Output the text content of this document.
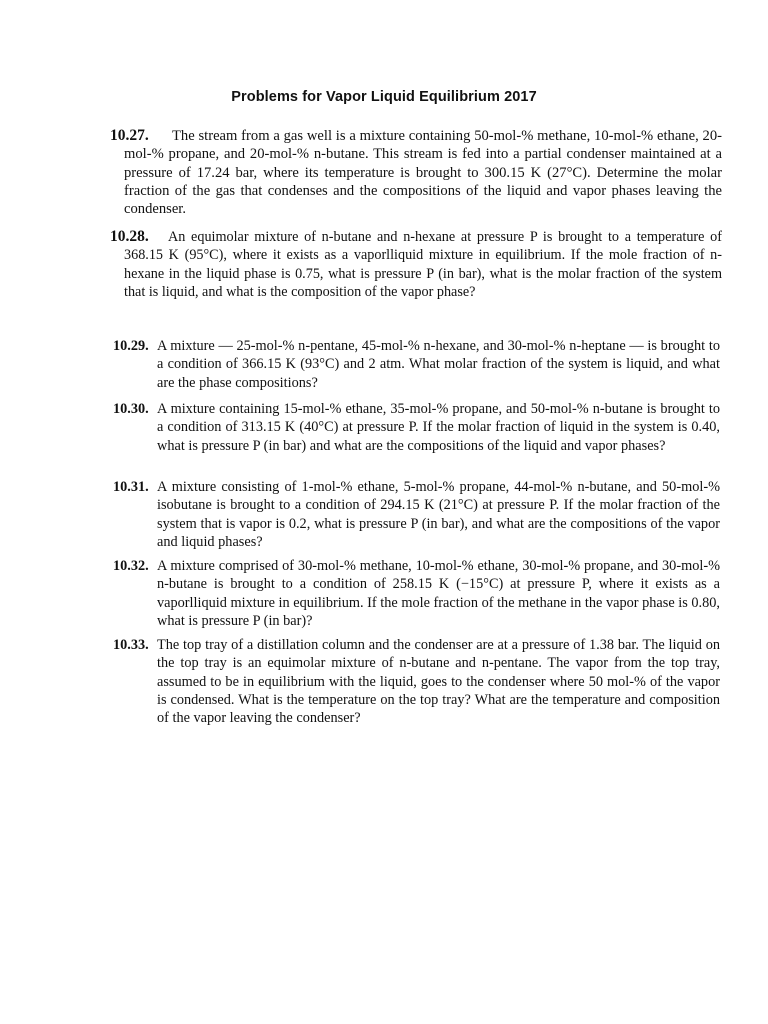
Problems for Vapor Liquid Equilibrium 2017
10.27.	The stream from a gas well is a mixture containing 50-mol-% methane, 10-mol-% ethane, 20-mol-% propane, and 20-mol-% n-butane. This stream is fed into a partial condenser maintained at a pressure of 17.24 bar, where its temperature is brought to 300.15 K (27°C). Determine the molar fraction of the gas that condenses and the compositions of the liquid and vapor phases leaving the condenser.
10.28.	An equimolar mixture of n-butane and n-hexane at pressure P is brought to a temperature of 368.15 K (95°C), where it exists as a vaporlliquid mixture in equilibrium. If the mole fraction of n-hexane in the liquid phase is 0.75, what is pressure P (in bar), what is the molar fraction of the system that is liquid, and what is the composition of the vapor phase?
10.29. A mixture — 25-mol-% n-pentane, 45-mol-% n-hexane, and 30-mol-% n-heptane — is brought to a condition of 366.15 K (93°C) and 2 atm. What molar fraction of the system is liquid, and what are the phase compositions?
10.30. A mixture containing 15-mol-% ethane, 35-mol-% propane, and 50-mol-% n-butane is brought to a condition of 313.15 K (40°C) at pressure P. If the molar fraction of liquid in the system is 0.40, what is pressure P (in bar) and what are the compositions of the liquid and vapor phases?
10.31. A mixture consisting of 1-mol-% ethane, 5-mol-% propane, 44-mol-% n-butane, and 50-mol-% isobutane is brought to a condition of 294.15 K (21°C) at pressure P. If the molar fraction of the system that is vapor is 0.2, what is pressure P (in bar), and what are the compositions of the vapor and liquid phases?
10.32. A mixture comprised of 30-mol-% methane, 10-mol-% ethane, 30-mol-% propane, and 30-mol-% n-butane is brought to a condition of 258.15 K (−15°C) at pressure P, where it exists as a vaporlliquid mixture in equilibrium. If the mole fraction of the methane in the vapor phase is 0.80, what is pressure P (in bar)?
10.33. The top tray of a distillation column and the condenser are at a pressure of 1.38 bar. The liquid on the top tray is an equimolar mixture of n-butane and n-pentane. The vapor from the top tray, assumed to be in equilibrium with the liquid, goes to the condenser where 50 mol-% of the vapor is condensed. What is the temperature on the top tray? What are the temperature and composition of the vapor leaving the condenser?
